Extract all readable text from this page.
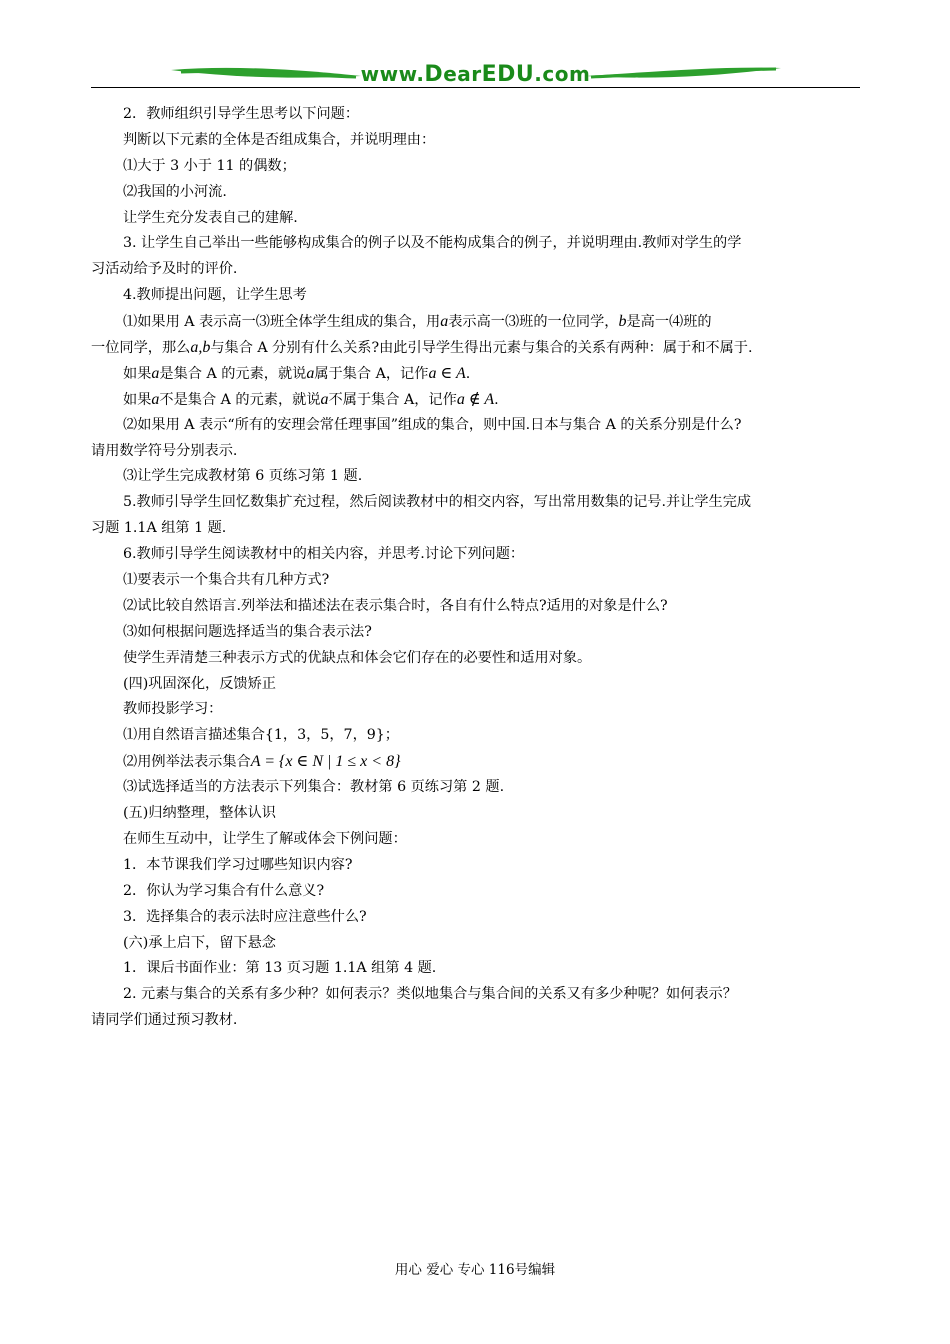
www.DearEDU.com
2．教师组织引导学生思考以下问题：
判断以下元素的全体是否组成集合，并说明理由：
⑴大于 3 小于 11 的偶数；
⑵我国的小河流.
让学生充分发表自己的建解.
3. 让学生自己举出一些能够构成集合的例子以及不能构成集合的例子，并说明理由.教师对学生的学
习活动给予及时的评价.
4.教师提出问题，让学生思考
⑴如果用 A 表示高一⑶班全体学生组成的集合，用a表示高一⑶班的一位同学，b是高一⑷班的
一位同学，那么a,b与集合 A 分别有什么关系?由此引导学生得出元素与集合的关系有两种：属于和不属于.
如果a是集合 A 的元素，就说a属于集合 A，记作a ∈ A.
如果a不是集合 A 的元素，就说a不属于集合 A，记作a ∉ A.
⑵如果用 A 表示“所有的安理会常任理事国”组成的集合，则中国.日本与集合 A 的关系分别是什么?
请用数学符号分别表示.
⑶让学生完成教材第 6 页练习第 1 题.
5.教师引导学生回忆数集扩充过程，然后阅读教材中的相交内容，写出常用数集的记号.并让学生完成
习题 1.1A 组第 1 题.
6.教师引导学生阅读教材中的相关内容，并思考.讨论下列问题：
⑴要表示一个集合共有几种方式?
⑵试比较自然语言.列举法和描述法在表示集合时，各自有什么特点?适用的对象是什么?
⑶如何根据问题选择适当的集合表示法?
使学生弄清楚三种表示方式的优缺点和体会它们存在的必要性和适用对象。
(四)巩固深化，反馈矫正
教师投影学习：
⑴用自然语言描述集合{1，3，5，7，9}；
⑵用例举法表示集合A = {x ∈ N | 1 ≤ x < 8}
⑶试选择适当的方法表示下列集合：教材第 6 页练习第 2 题.
(五)归纳整理，整体认识
在师生互动中，让学生了解或体会下例问题：
1．本节课我们学习过哪些知识内容?
2．你认为学习集合有什么意义?
3．选择集合的表示法时应注意些什么?
(六)承上启下，留下悬念
1．课后书面作业：第 13 页习题 1.1A 组第 4 题.
2. 元素与集合的关系有多少种？如何表示？类似地集合与集合间的关系又有多少种呢？如何表示？
请同学们通过预习教材.
用心 爱心 专心 116号编辑
